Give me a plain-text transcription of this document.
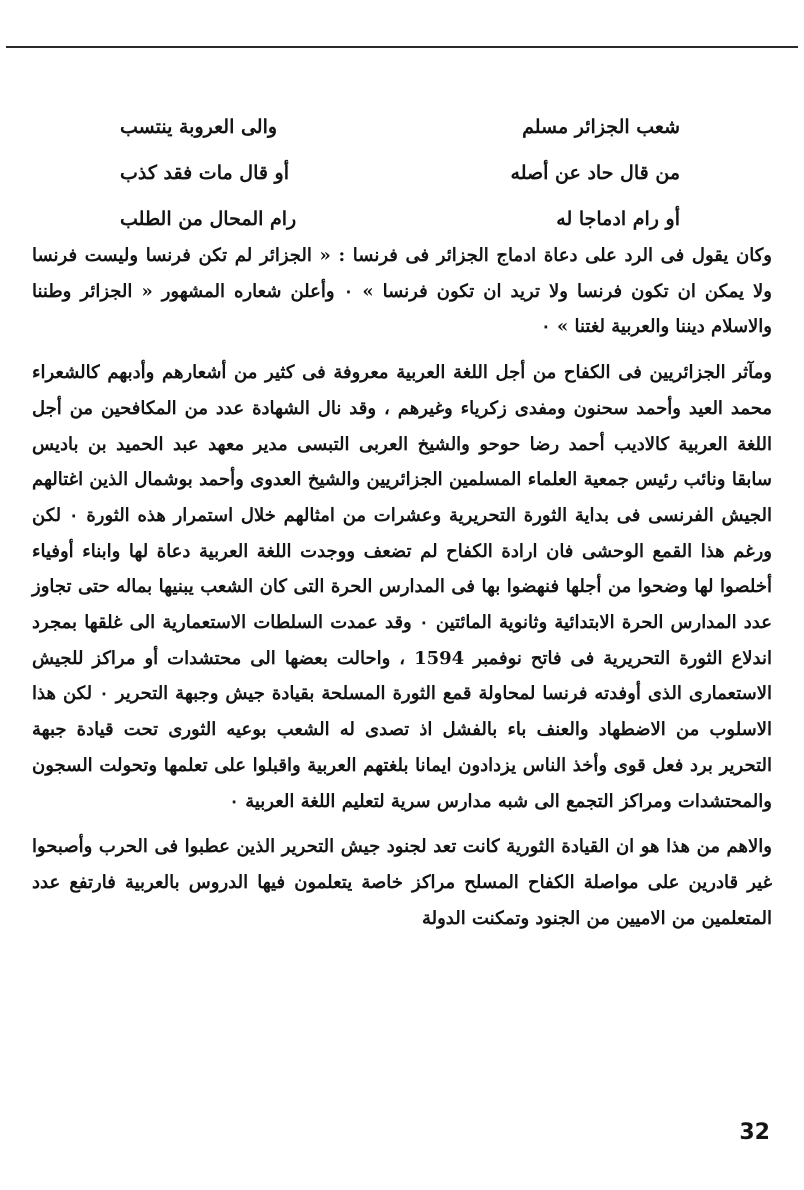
شعب الجزائر مسلم
والى العروبة ينتسب
من قال حاد عن أصله
أو قال مات فقد كذب
أو رام ادماجا له
رام المحال من الطلب

وكان يقول فى الرد على دعاة ادماج الجزائر فى فرنسا : « الجزائر لم تكن فرنسا وليست فرنسا ولا يمكن ان تكون فرنسا ولا تريد ان تكون فرنسا » ٠ وأعلن شعاره المشهور « الجزائر وطننا والاسلام ديننا والعربية لغتنا » ٠

ومآثر الجزائريين فى الكفاح من أجل اللغة العربية معروفة فى كثير من أشعارهم وأدبهم كالشعراء محمد العيد وأحمد سحنون ومفدى زكرياء وغيرهم ، وقد نال الشهادة عدد من المكافحين من أجل اللغة العربية كالاديب أحمد رضا حوحو والشيخ العربى التبسى مدير معهد عبد الحميد بن باديس سابقا ونائب رئيس جمعية العلماء المسلمين الجزائريين والشيخ العدوى وأحمد بوشمال الذين اغتالهم الجيش الفرنسى فى بداية الثورة التحريرية وعشرات من امثالهم خلال استمرار هذه الثورة ٠ لكن ورغم هذا القمع الوحشى فان ارادة الكفاح لم تضعف ووجدت اللغة العربية دعاة لها وابناء أوفياء أخلصوا لها وضحوا من أجلها فنهضوا بها فى المدارس الحرة التى كان الشعب يبنيها بماله حتى تجاوز عدد المدارس الحرة الابتدائية وثانوية المائتين ٠ وقد عمدت السلطات الاستعمارية الى غلقها بمجرد اندلاع الثورة التحريرية فى فاتح نوفمبر 1594 ، واحالت بعضها الى محتشدات أو مراكز للجيش الاستعمارى الذى أوفدته فرنسا لمحاولة قمع الثورة المسلحة بقيادة جيش وجبهة التحرير ٠ لكن هذا الاسلوب من الاضطهاد والعنف باء بالفشل اذ تصدى له الشعب بوعيه الثورى تحت قيادة جبهة التحرير برد فعل قوى وأخذ الناس يزدادون ايمانا بلغتهم العربية واقبلوا على تعلمها وتحولت السجون والمحتشدات ومراكز التجمع الى شبه مدارس سرية لتعليم اللغة العربية ٠

والاهم من هذا هو ان القيادة الثورية كانت تعد لجنود جيش التحرير الذين عطبوا فى الحرب وأصبحوا غير قادرين على مواصلة الكفاح المسلح مراكز خاصة يتعلمون فيها الدروس بالعربية فارتفع عدد المتعلمين من الاميين من الجنود وتمكنت الدولة

32
